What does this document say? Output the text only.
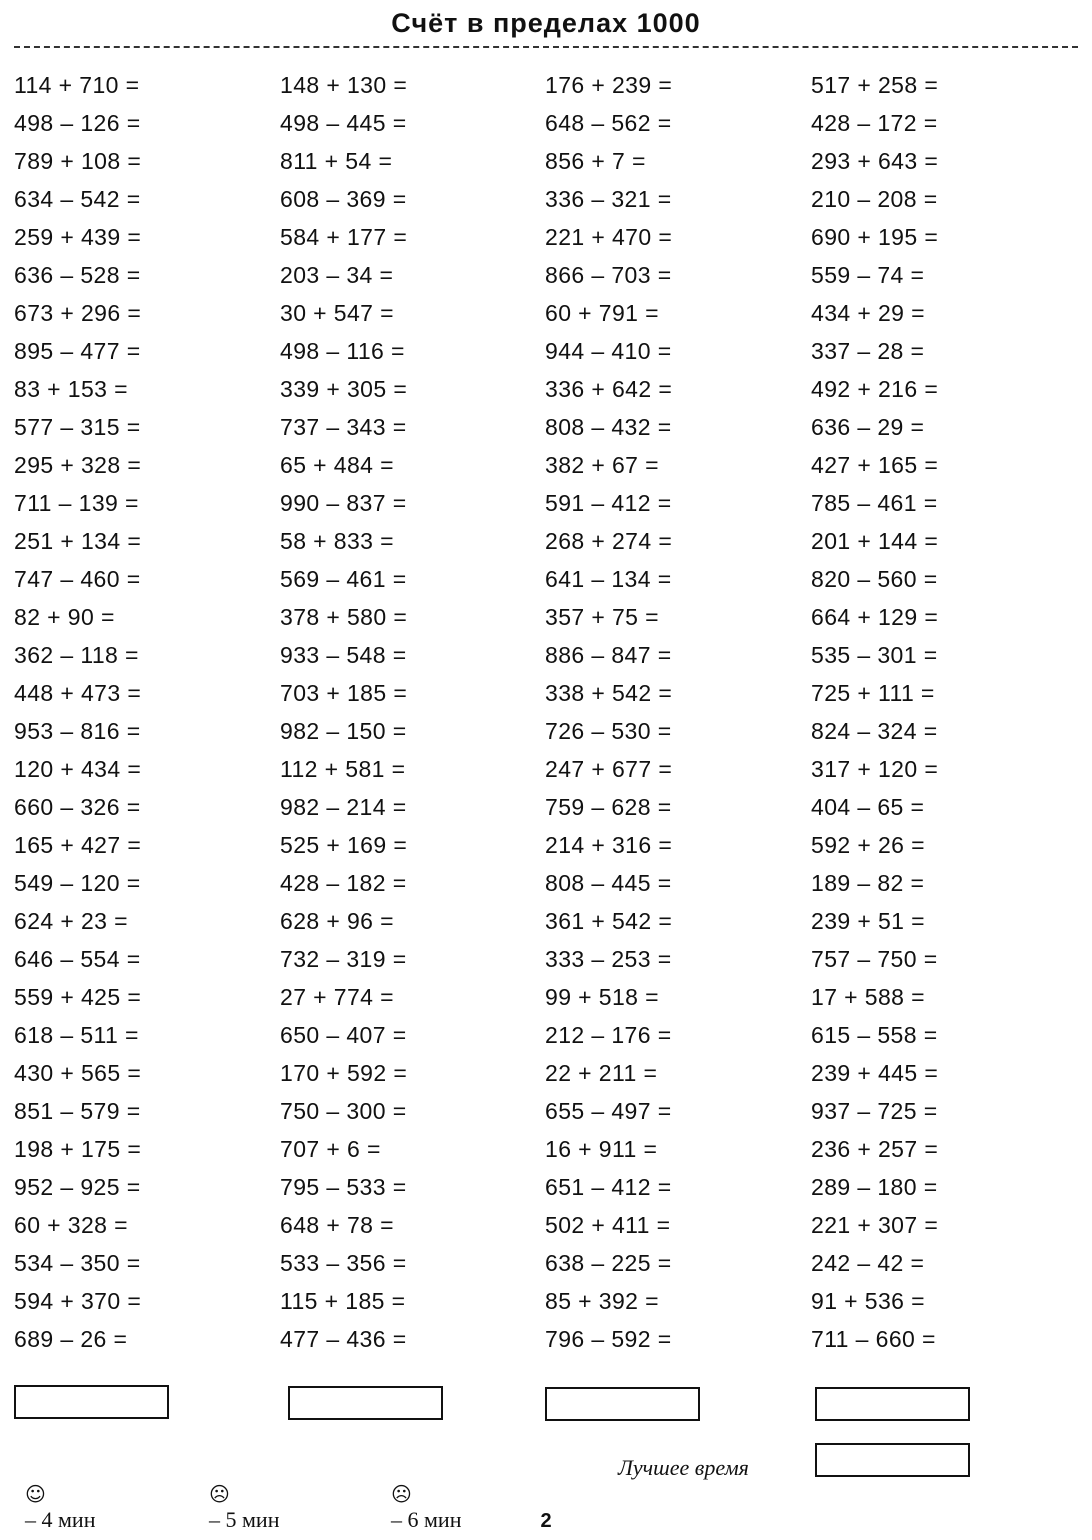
Счёт в пределах 1000
114 + 710 =
498 – 126 =
789 + 108 =
634 – 542 =
259 + 439 =
636 – 528 =
673 + 296 =
895 – 477 =
83 + 153 =
577 – 315 =
295 + 328 =
711 – 139 =
251 + 134 =
747 – 460 =
82 + 90 =
362 – 118 =
448 + 473 =
953 – 816 =
120 + 434 =
660 – 326 =
165 + 427 =
549 – 120 =
624 + 23 =
646 – 554 =
559 + 425 =
618 – 511 =
430 + 565 =
851 – 579 =
198 + 175 =
952 – 925 =
60 + 328 =
534 – 350 =
594 + 370 =
689 – 26 =
148 + 130 =
498 – 445 =
811 + 54 =
608 – 369 =
584 + 177 =
203 – 34 =
30 + 547 =
498 – 116 =
339 + 305 =
737 – 343 =
65 + 484 =
990 – 837 =
58 + 833 =
569 – 461 =
378 + 580 =
933 – 548 =
703 + 185 =
982 – 150 =
112 + 581 =
982 – 214 =
525 + 169 =
428 – 182 =
628 + 96 =
732 – 319 =
27 + 774 =
650 – 407 =
170 + 592 =
750 – 300 =
707 + 6 =
795 – 533 =
648 + 78 =
533 – 356 =
115 + 185 =
477 – 436 =
176 + 239 =
648 – 562 =
856 + 7 =
336 – 321 =
221 + 470 =
866 – 703 =
60 + 791 =
944 – 410 =
336 + 642 =
808 – 432 =
382 + 67 =
591 – 412 =
268 + 274 =
641 – 134 =
357 + 75 =
886 – 847 =
338 + 542 =
726 – 530 =
247 + 677 =
759 – 628 =
214 + 316 =
808 – 445 =
361 + 542 =
333 – 253 =
99 + 518 =
212 – 176 =
22 + 211 =
655 – 497 =
16 + 911 =
651 – 412 =
502 + 411 =
638 – 225 =
85 + 392 =
796 – 592 =
517 + 258 =
428 – 172 =
293 + 643 =
210 – 208 =
690 + 195 =
559 – 74 =
434 + 29 =
337 – 28 =
492 + 216 =
636 – 29 =
427 + 165 =
785 – 461 =
201 + 144 =
820 – 560 =
664 + 129 =
535 – 301 =
725 + 111 =
824 – 324 =
317 + 120 =
404 – 65 =
592 + 26 =
189 – 82 =
239 + 51 =
757 – 750 =
17 + 588 =
615 – 558 =
239 + 445 =
937 – 725 =
236 + 257 =
289 – 180 =
221 + 307 =
242 – 42 =
91 + 536 =
711 – 660 =

☺
– 4 мин

☹
– 5 мин

☹
– 6 мин

Лучшее время
2
